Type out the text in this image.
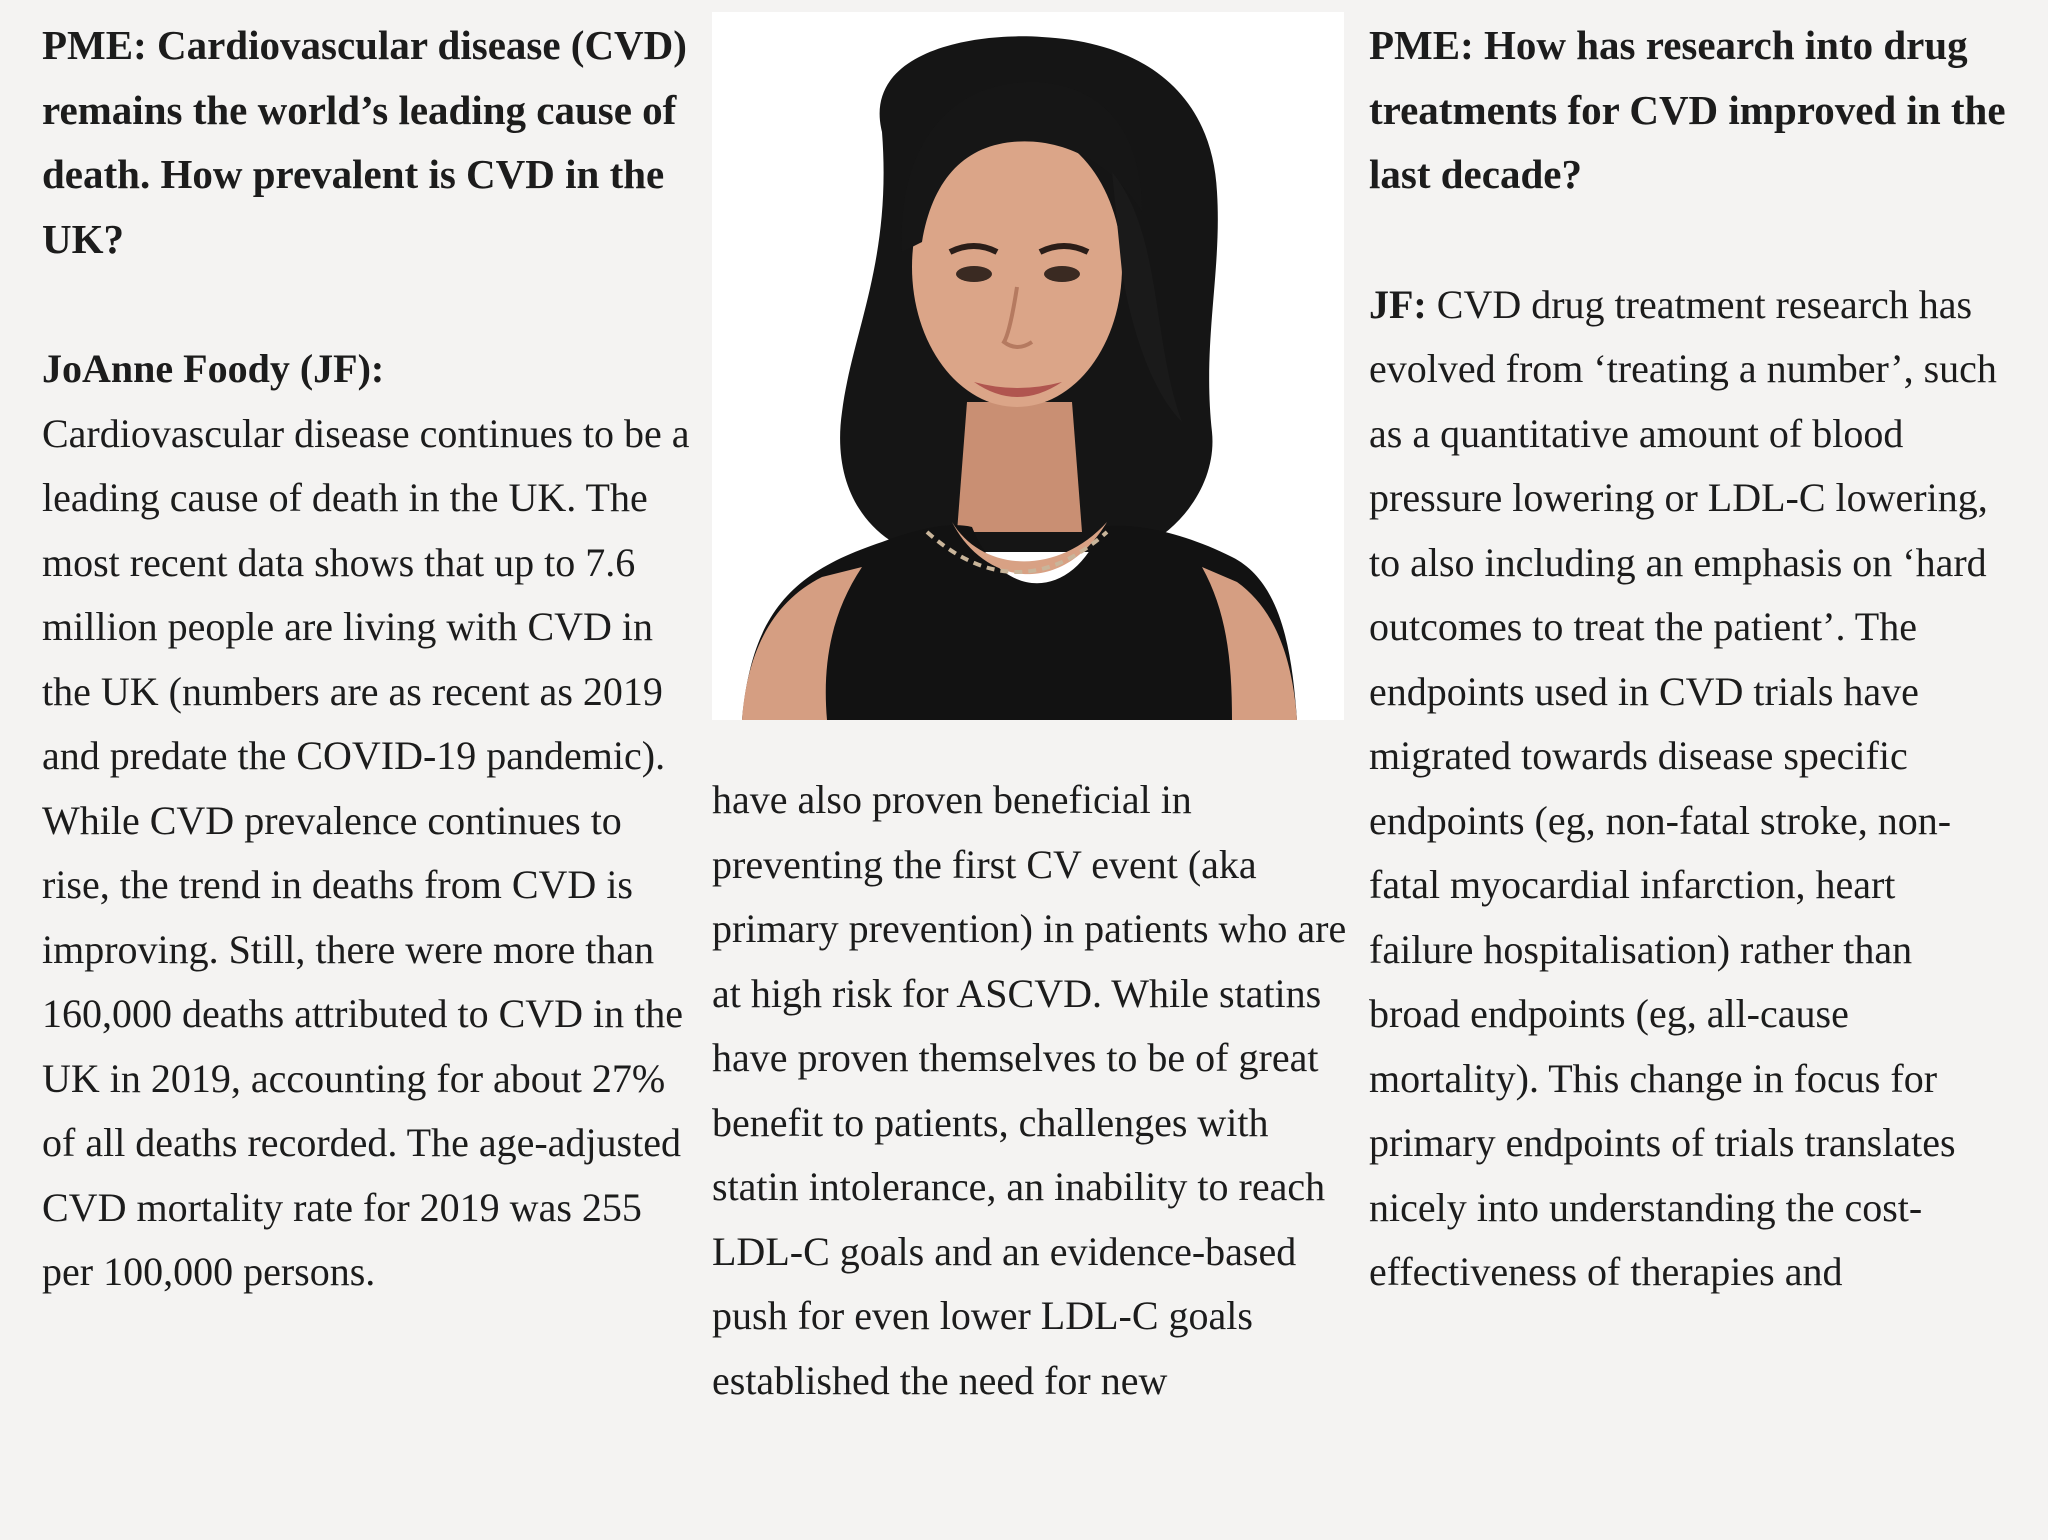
PME: Cardiovascular disease (CVD) remains the world’s leading cause of death. How prevalent is CVD in the UK?

JoAnne Foody (JF):

Cardiovascular disease continues to be a leading cause of death in the UK. The most recent data shows that up to 7.6 million people are living with CVD in the UK (numbers are as recent as 2019 and predate the COVID-19 pandemic). While CVD prevalence continues to rise, the trend in deaths from CVD is improving. Still, there were more than 160,000 deaths attributed to CVD in the UK in 2019, accounting for about 27% of all deaths recorded. The age-adjusted CVD mortality rate for 2019 was 255 per 100,000 persons.

have also proven beneficial in preventing the first CV event (aka primary prevention) in patients who are at high risk for ASCVD. While statins have proven themselves to be of great benefit to patients, challenges with statin intolerance, an inability to reach LDL-C goals and an evidence-based push for even lower LDL-C goals established the need for new

PME: How has research into drug treatments for CVD improved in the last decade?

JF: CVD drug treatment research has evolved from ‘treating a number’, such as a quantitative amount of blood pressure lowering or LDL-C lowering, to also including an emphasis on ‘hard outcomes to treat the patient’. The endpoints used in CVD trials have migrated towards disease specific endpoints (eg, non-fatal stroke, non-fatal myocardial infarction, heart failure hospitalisation) rather than broad endpoints (eg, all-cause mortality). This change in focus for primary endpoints of trials translates nicely into understanding the cost-effectiveness of therapies and
